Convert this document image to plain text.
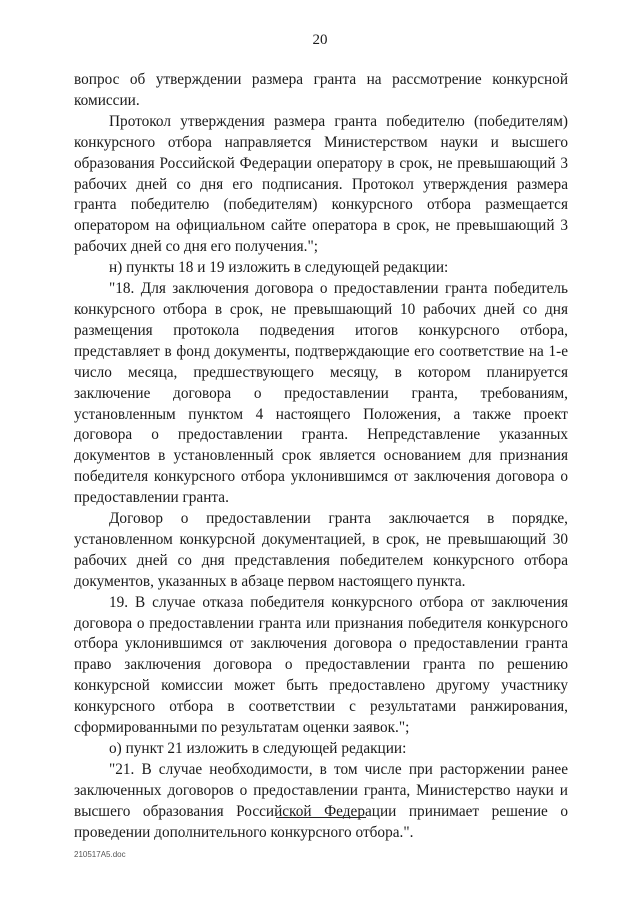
20

вопрос об утверждении размера гранта на рассмотрение конкурсной комиссии.

Протокол утверждения размера гранта победителю (победителям) конкурсного отбора направляется Министерством науки и высшего образования Российской Федерации оператору в срок, не превышающий 3 рабочих дней со дня его подписания. Протокол утверждения размера гранта победителю (победителям) конкурсного отбора размещается оператором на официальном сайте оператора в срок, не превышающий 3 рабочих дней со дня его получения.";

н) пункты 18 и 19 изложить в следующей редакции:

"18. Для заключения договора о предоставлении гранта победитель конкурсного отбора в срок, не превышающий 10 рабочих дней со дня размещения протокола подведения итогов конкурсного отбора, представляет в фонд документы, подтверждающие его соответствие на 1-е число месяца, предшествующего месяцу, в котором планируется заключение договора о предоставлении гранта, требованиям, установленным пунктом 4 настоящего Положения, а также проект договора о предоставлении гранта. Непредставление указанных документов в установленный срок является основанием для признания победителя конкурсного отбора уклонившимся от заключения договора о предоставлении гранта.

Договор о предоставлении гранта заключается в порядке, установленном конкурсной документацией, в срок, не превышающий 30 рабочих дней со дня представления победителем конкурсного отбора документов, указанных в абзаце первом настоящего пункта.

19. В случае отказа победителя конкурсного отбора от заключения договора о предоставлении гранта или признания победителя конкурсного отбора уклонившимся от заключения договора о предоставлении гранта право заключения договора о предоставлении гранта по решению конкурсной комиссии может быть предоставлено другому участнику конкурсного отбора в соответствии с результатами ранжирования, сформированными по результатам оценки заявок.";

о) пункт 21 изложить в следующей редакции:

"21. В случае необходимости, в том числе при расторжении ранее заключенных договоров о предоставлении гранта, Министерство науки и высшего образования Российской Федерации принимает решение о проведении дополнительного конкурсного отбора.".

210517A5.doc
